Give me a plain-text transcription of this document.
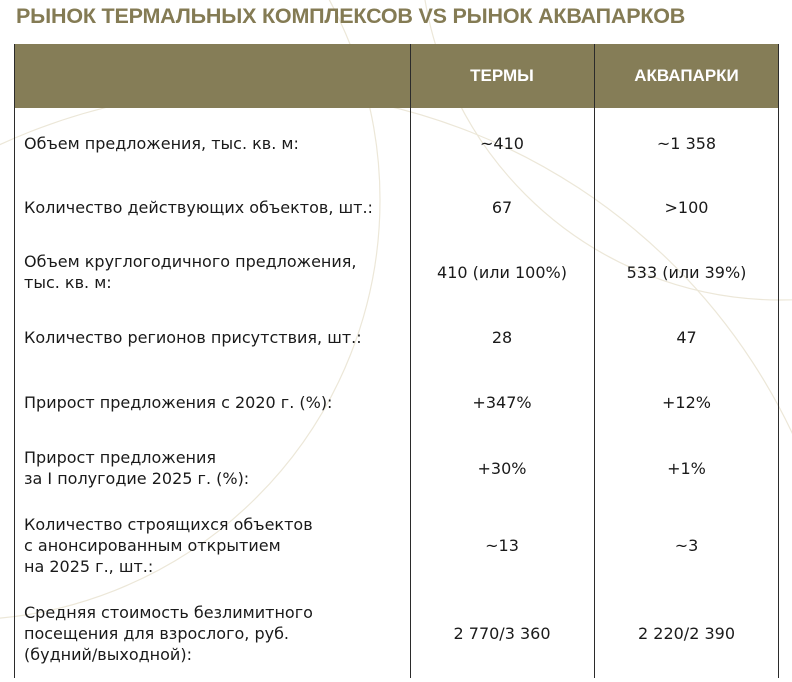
РЫНОК ТЕРМАЛЬНЫХ КОМПЛЕКСОВ VS РЫНОК АКВАПАРКОВ
ТЕРМЫ	АКВАПАРКИ
Объем предложения, тыс. кв. м:	~410	~1 358
Количество действующих объектов, шт.:	67	>100
Объем круглогодичного предложения,
тыс. кв. м:
410 (или 100%)	533 (или 39%)
Количество регионов присутствия, шт.:	28	47
Прирост предложения с 2020 г. (%):	+347%	+12%
Прирост предложения
за I полугодие 2025 г. (%):
+30%	+1%
Количество строящихся объектов
с анонсированным открытием
на 2025 г., шт.:
~13	~3
Средняя стоимость безлимитного
посещения для взрослого, руб.
(будний/выходной):
2 770/3 360	2 220/2 390
